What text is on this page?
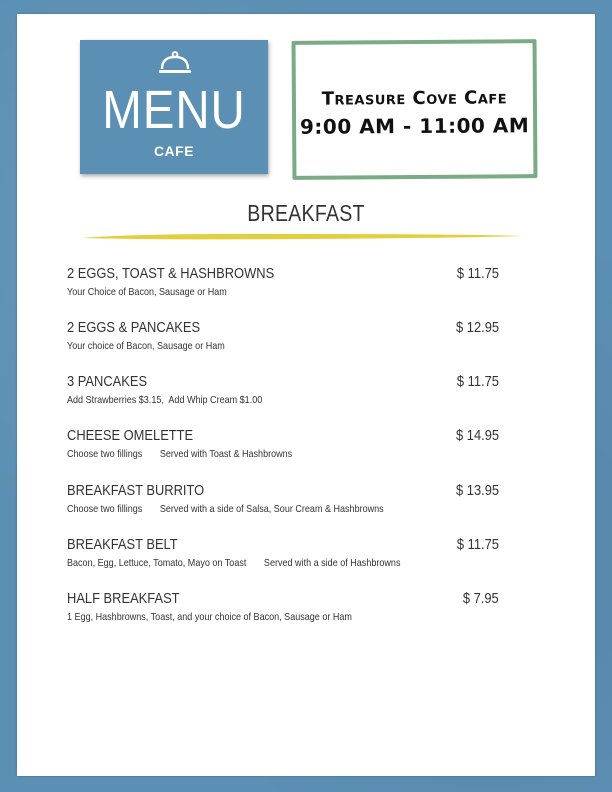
MENU
CAFE
Treasure Cove Cafe
9:00 AM - 11:00 AM
BREAKFAST
2 EGGS, TOAST & HASHBROWNS	$ 11.75
Your Choice of Bacon, Sausage or Ham
2 EGGS & PANCAKES	$ 12.95
Your choice of Bacon, Sausage or Ham
3 PANCAKES	$ 11.75
Add Strawberries $3.15,  Add Whip Cream $1.00
CHEESE OMELETTE	$ 14.95
Choose two fillings       Served with Toast & Hashbrowns
BREAKFAST BURRITO	$ 13.95
Choose two fillings       Served with a side of Salsa, Sour Cream & Hashbrowns
BREAKFAST BELT	$ 11.75
Bacon, Egg, Lettuce, Tomato, Mayo on Toast       Served with a side of Hashbrowns
HALF BREAKFAST	$ 7.95
1 Egg, Hashbrowns, Toast, and your choice of Bacon, Sausage or Ham
